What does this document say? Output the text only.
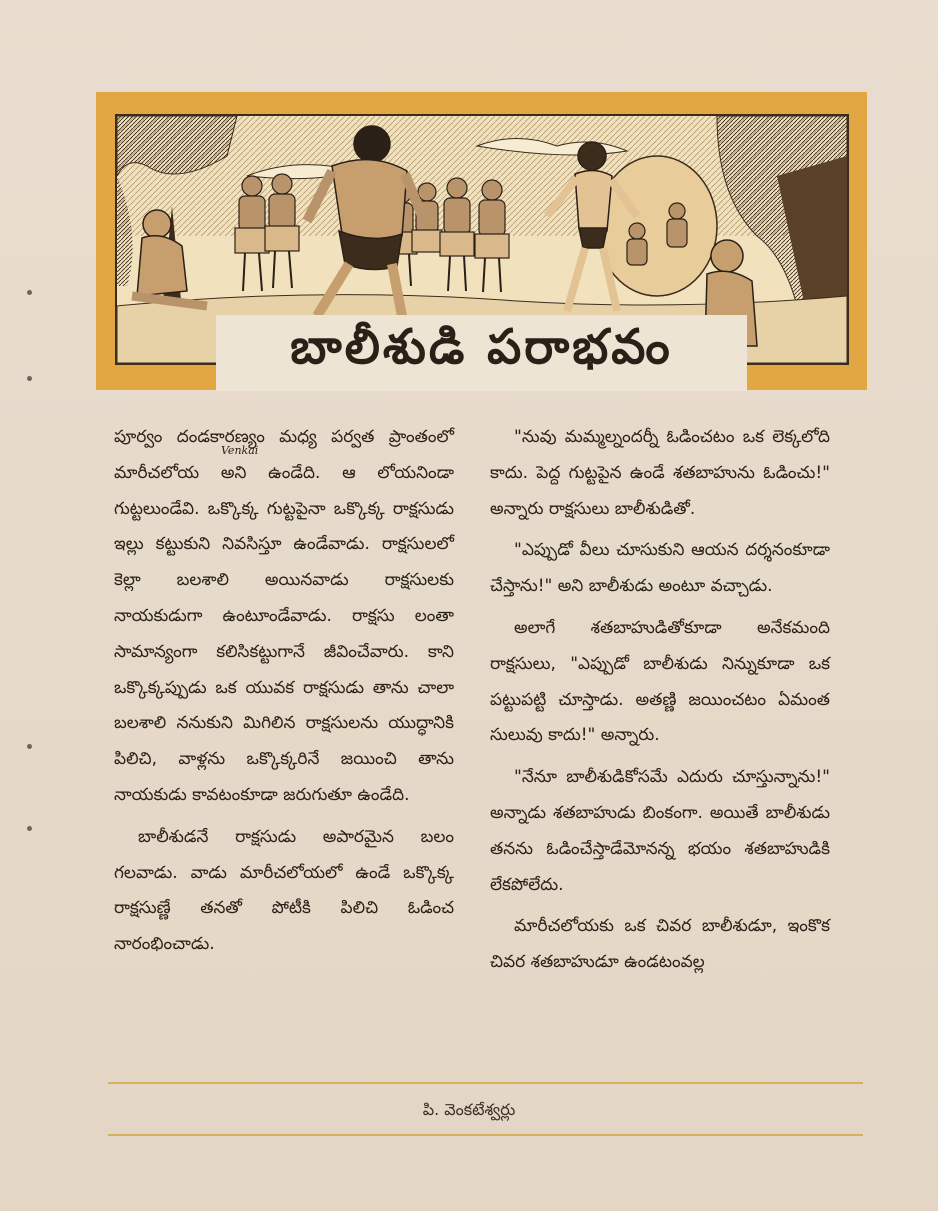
బాలీశుడి పరాభవం
Venkai

పూర్వం దండకారణ్యం మధ్య పర్వత ప్రాంతంలో మారీచలోయ అని ఉండేది. ఆ లోయనిండా గుట్టలుండేవి. ఒక్కొక్క గుట్టపైనా ఒక్కొక్క రాక్షసుడు ఇల్లు కట్టుకుని నివసిస్తూ ఉండేవాడు. రాక్షసులలో కెల్లా బలశాలి అయినవాడు రాక్షసులకు నాయకుడుగా ఉంటూండేవాడు. రాక్షసు లంతా సామాన్యంగా కలిసికట్టుగానే జీవించేవారు. కాని ఒక్కొక్కప్పుడు ఒక యువక రాక్షసుడు తాను చాలా బలశాలి ననుకుని మిగిలిన రాక్షసులను యుద్ధానికి పిలిచి, వాళ్లను ఒక్కొక్కరినే జయించి తాను నాయకుడు కావటంకూడా జరుగుతూ ఉండేది.

బాలీశుడనే రాక్షసుడు అపారమైన బలం గలవాడు. వాడు మారీచలోయలో ఉండే ఒక్కొక్క రాక్షసుణ్ణే తనతో పోటీకి పిలిచి ఓడించ నారంభించాడు.

"నువు మమ్మల్నందర్నీ ఓడించటం ఒక లెక్కలోది కాదు. పెద్ద గుట్టపైన ఉండే శతబాహును ఓడించు!" అన్నారు రాక్షసులు బాలీశుడితో.

"ఎప్పుడో వీలు చూసుకుని ఆయన దర్శనంకూడా చేస్తాను!" అని బాలీశుడు అంటూ వచ్చాడు.

అలాగే శతబాహుడితోకూడా అనేకమంది రాక్షసులు, "ఎప్పుడో బాలీశుడు నిన్నుకూడా ఒక పట్టుపట్టి చూస్తాడు. అతణ్ణి జయించటం ఏమంత సులువు కాదు!" అన్నారు.

"నేనూ బాలీశుడికోసమే ఎదురు చూస్తున్నాను!" అన్నాడు శతబాహుడు బింకంగా. అయితే బాలీశుడు తనను ఓడించేస్తాడేమోనన్న భయం శతబాహుడికి లేకపోలేదు.

మారీచలోయకు ఒక చివర బాలీశుడూ, ఇంకొక చివర శతబాహుడూ ఉండటంవల్ల

పి. వెంకటేశ్వర్లు
